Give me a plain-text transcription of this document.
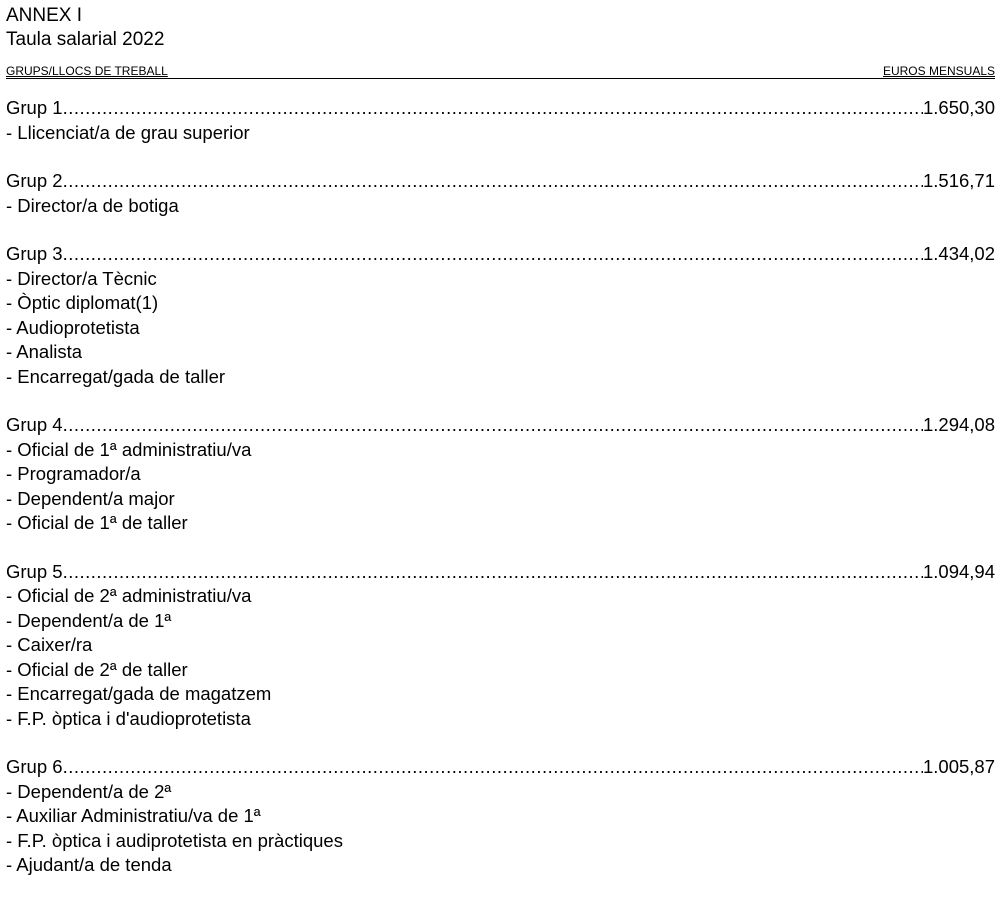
ANNEX I
Taula salarial 2022
GRUPS/LLOCS DE TREBALL	EUROS MENSUALS
Grup 1 .....	1.650,30
- Llicenciat/a de grau superior
Grup 2 .....	1.516,71
- Director/a de botiga
Grup 3 .....	1.434,02
- Director/a Tècnic
- Òptic diplomat(1)
- Audioprotetista
- Analista
- Encarregat/gada de taller
Grup 4 .....	1.294,08
- Oficial de 1ª administratiu/va
- Programador/a
- Dependent/a major
- Oficial de 1ª de taller
Grup 5 .....	1.094,94
- Oficial de 2ª administratiu/va
- Dependent/a de 1ª
- Caixer/ra
- Oficial de 2ª de taller
- Encarregat/gada de magatzem
- F.P. òptica i d'audioprotetista
Grup 6 .....	1.005,87
- Dependent/a de 2ª
- Auxiliar Administratiu/va de 1ª
- F.P. òptica i audiprotetista en pràctiques
- Ajudant/a de tenda
